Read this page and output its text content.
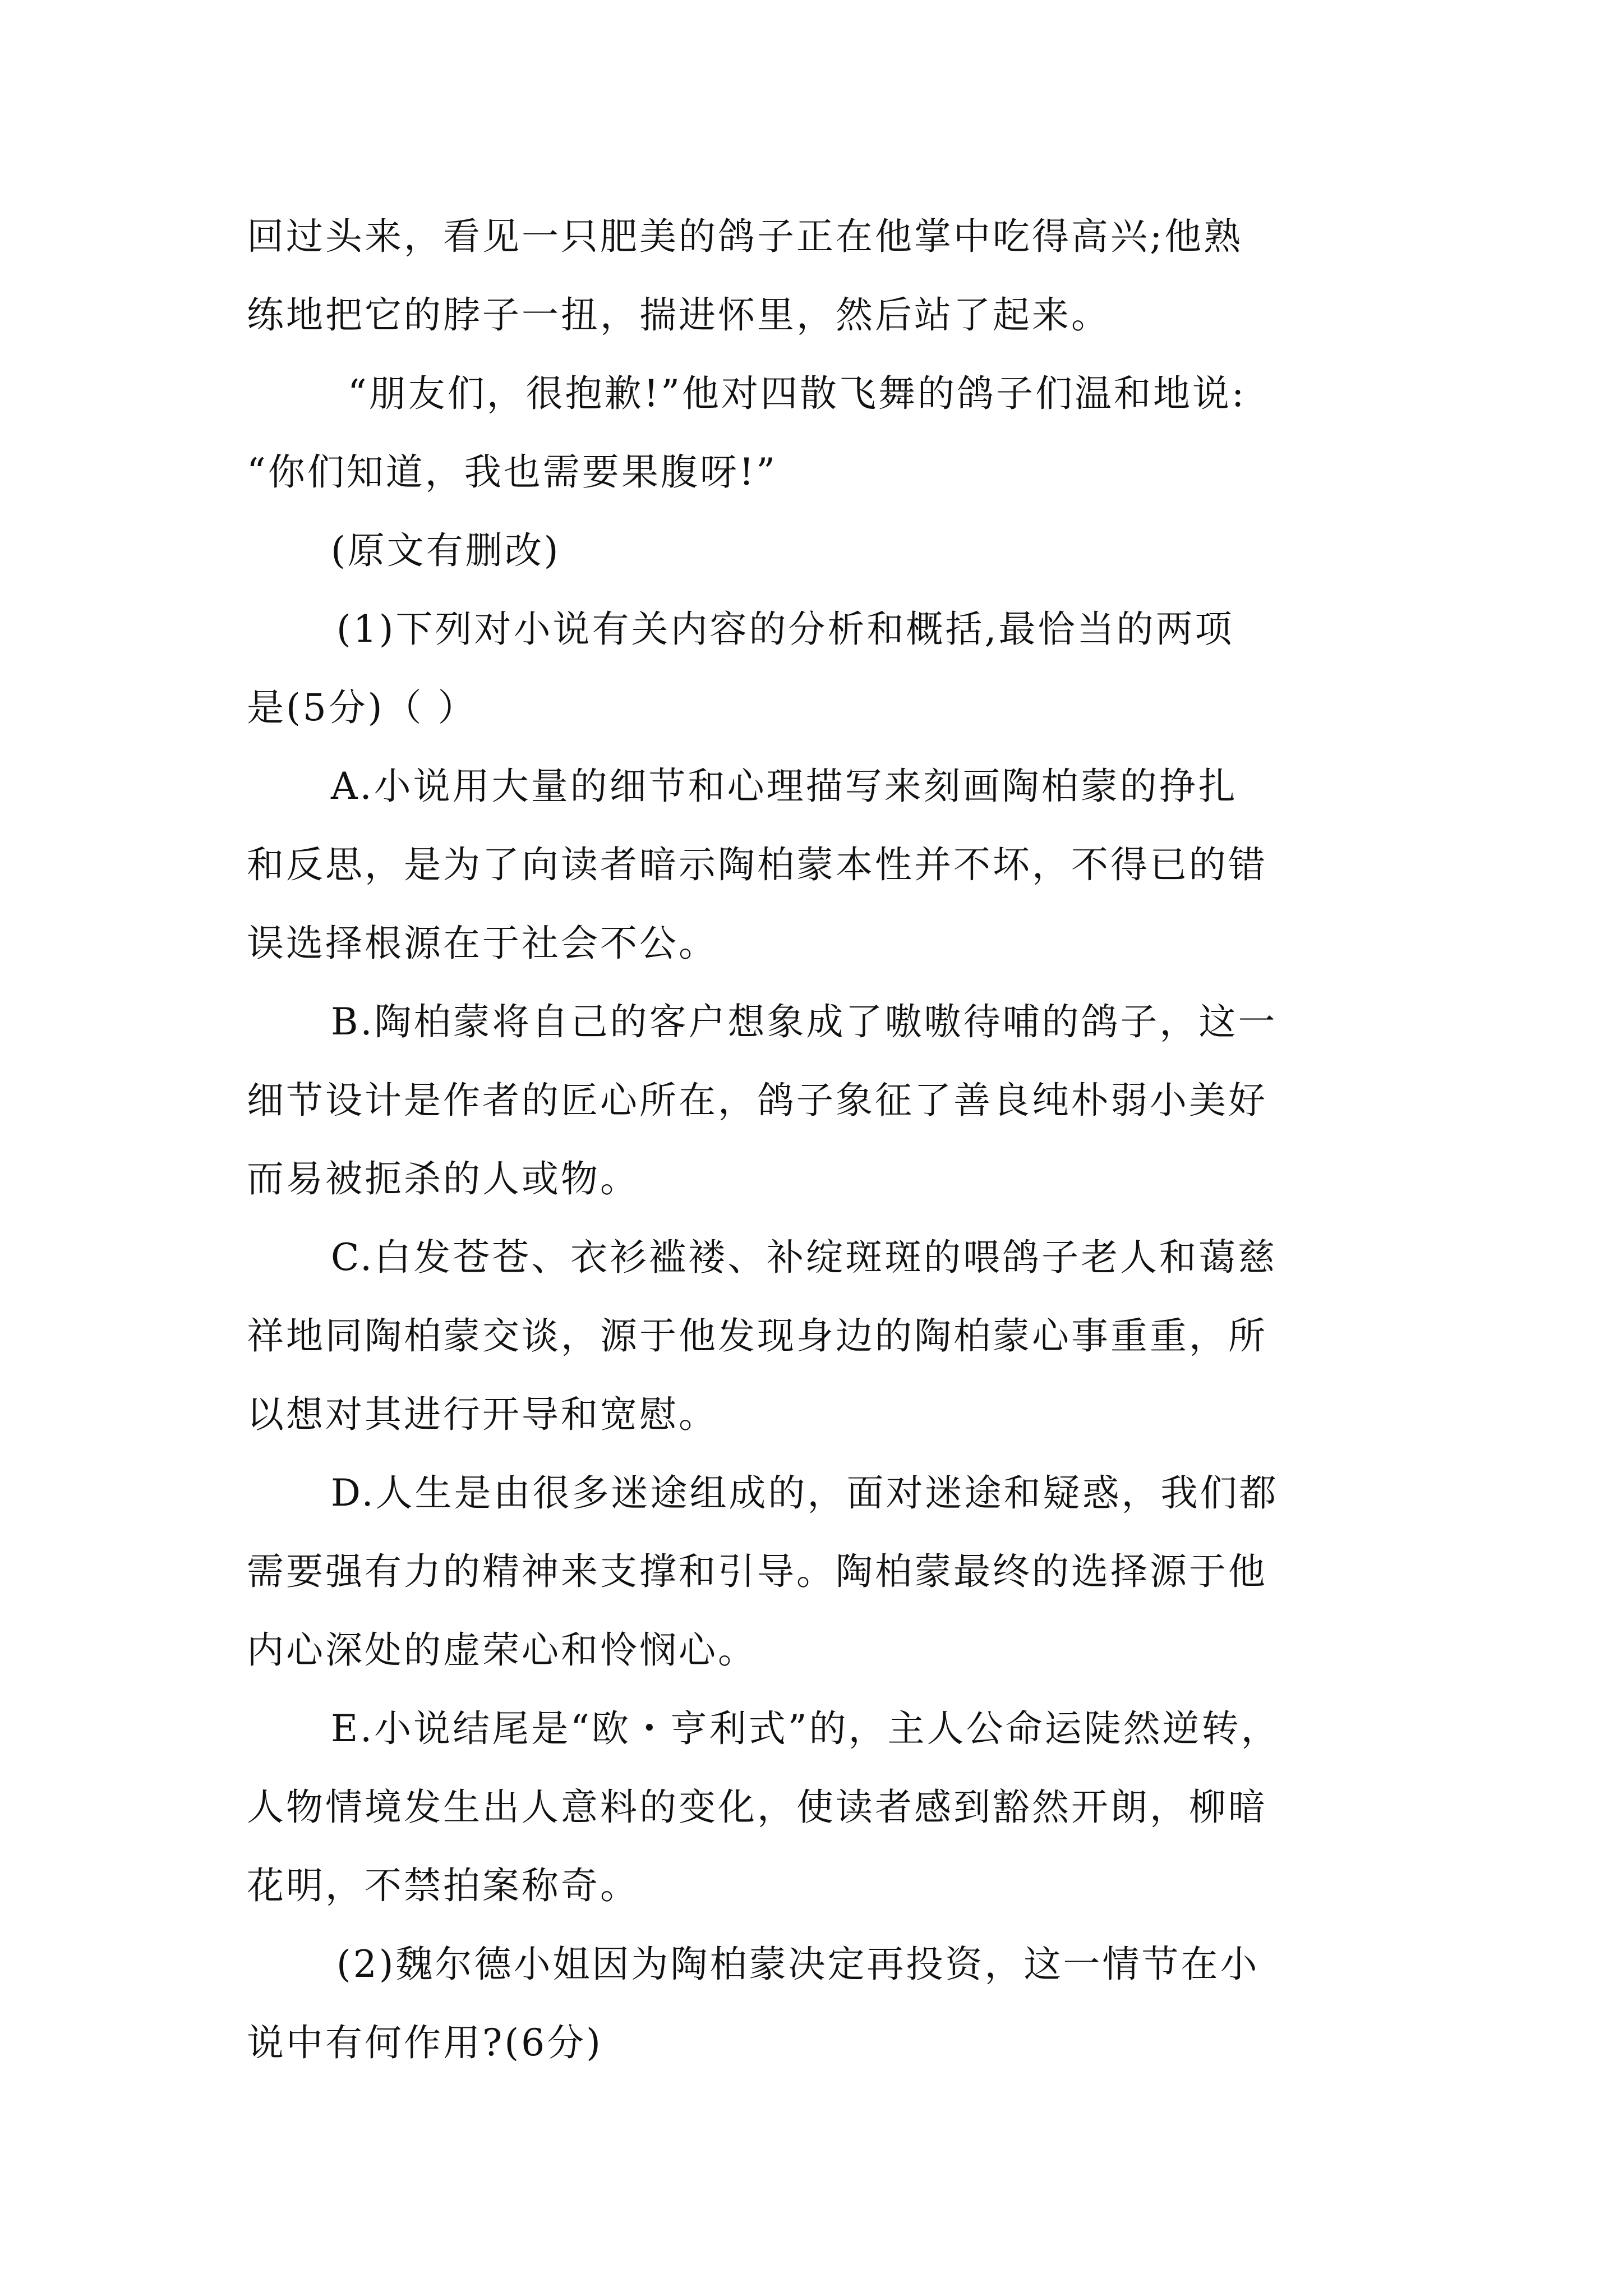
回过头来，看见一只肥美的鸽子正在他掌中吃得高兴;他熟
练地把它的脖子一扭，揣进怀里，然后站了起来。
“朋友们，很抱歉!”他对四散飞舞的鸽子们温和地说:
“你们知道，我也需要果腹呀!”
(原文有删改)
(1)下列对小说有关内容的分析和概括,最恰当的两项
是(5分)（ ）
A.小说用大量的细节和心理描写来刻画陶柏蒙的挣扎
和反思，是为了向读者暗示陶柏蒙本性并不坏，不得已的错
误选择根源在于社会不公。
B.陶柏蒙将自己的客户想象成了嗷嗷待哺的鸽子，这一
细节设计是作者的匠心所在，鸽子象征了善良纯朴弱小美好
而易被扼杀的人或物。
C.白发苍苍、衣衫褴褛、补绽斑斑的喂鸽子老人和蔼慈
祥地同陶柏蒙交谈，源于他发现身边的陶柏蒙心事重重，所
以想对其进行开导和宽慰。
D.人生是由很多迷途组成的，面对迷途和疑惑，我们都
需要强有力的精神来支撑和引导。陶柏蒙最终的选择源于他
内心深处的虚荣心和怜悯心。
E.小说结尾是“欧・亨利式”的，主人公命运陡然逆转，
人物情境发生出人意料的变化，使读者感到豁然开朗，柳暗
花明，不禁拍案称奇。
(2)魏尔德小姐因为陶柏蒙决定再投资，这一情节在小
说中有何作用?(6分)
